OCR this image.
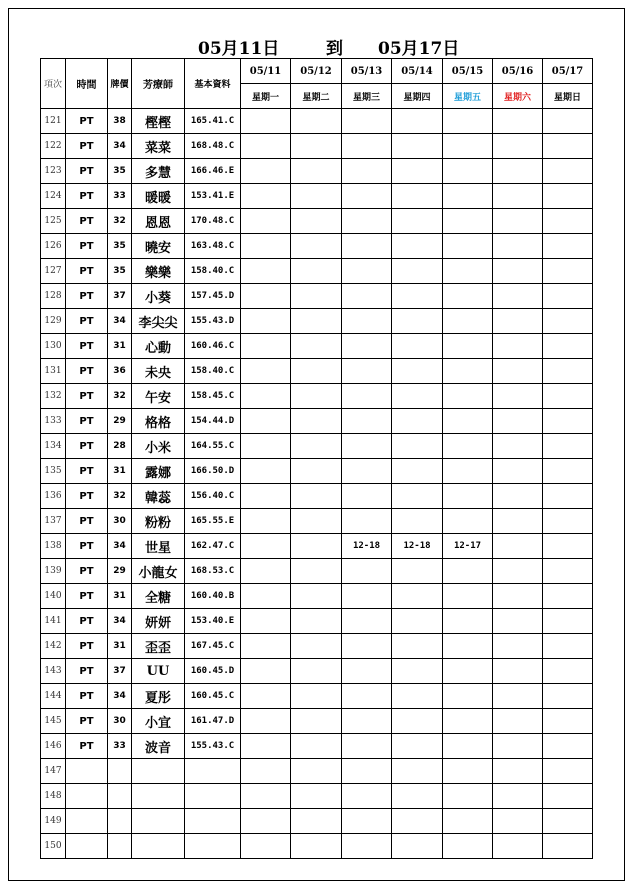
05月11日	到 05月17日
項次	時間	牌價	芳療師	基本資料	05/11	05/12	05/13	05/14	05/15	05/16	05/17
					星期一	星期二	星期三	星期四	星期五	星期六	星期日
121	PT	38	樫樫	165.41.C							
122	PT	34	菜菜	168.48.C							
123	PT	35	多慧	166.46.E							
124	PT	33	暖暖	153.41.E							
125	PT	32	恩恩	170.48.C							
126	PT	35	曉安	163.48.C							
127	PT	35	樂樂	158.40.C							
128	PT	37	小葵	157.45.D							
129	PT	34	李尖尖	155.43.D							
130	PT	31	心動	160.46.C							
131	PT	36	未央	158.40.C							
132	PT	32	午安	158.45.C							
133	PT	29	格格	154.44.D							
134	PT	28	小米	164.55.C							
135	PT	31	露娜	166.50.D							
136	PT	32	韓蕊	156.40.C							
137	PT	30	粉粉	165.55.E							
138	PT	34	世星	162.47.C			12-18	12-18	12-17		
139	PT	29	小龍女	168.53.C							
140	PT	31	全糖	160.40.B							
141	PT	34	妍妍	153.40.E							
142	PT	31	歪歪	167.45.C							
143	PT	37	UU	160.45.D							
144	PT	34	夏彤	160.45.C							
145	PT	30	小宜	161.47.D							
146	PT	33	波音	155.43.C							
147											
148											
149											
150											
